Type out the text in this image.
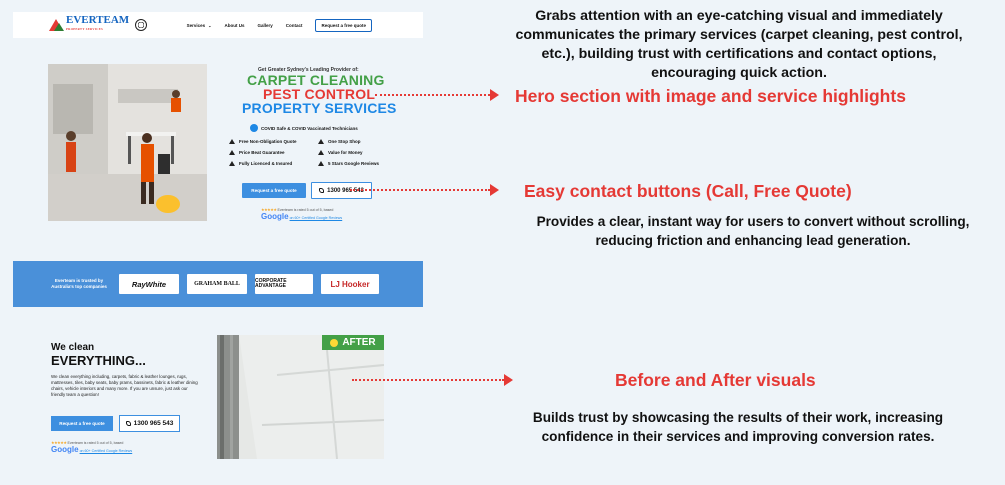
EVERTEAM
PROPERTY SERVICES
Services ⌄	About Us	Gallery	Contact	Request a free quote
Get Greater Sydney's Leading Provider of:
CARPET CLEANING
PEST CONTROL
PROPERTY SERVICES
COVID Safe & COVID Vaccinated Technicians
Free Non-Obligation Quote	One Stop Shop
Price Beat Guarantee	Value for Money
Fully Licenced & Insured	5 Stars Google Reviews
Request a free quote	1300 965 543
★★★★★ Everteam is rated 5 out of 5, based
Google on 60+ Certified Google Reviews
Everteam is trusted by Australia's top companies	RayWhite	GRAHAM BALL	CORPORATE ADVANTAGE	LJ Hooker
We clean
EVERYTHING...
We clean everything including, carpets, fabric & leather lounges, rugs, mattresses, tiles, baby seats, baby prams, bassinets, fabric & leather dining chairs, vehicle interiors and many more. If you are unsure, just ask our friendly team a question!
Request a free quote	1300 965 543
★★★★★ Everteam is rated 5 out of 5, based
Google on 60+ Certified Google Reviews
AFTER
Grabs attention with an eye-catching visual and immediately communicates the primary services (carpet cleaning, pest control, etc.), building trust with certifications and contact options, encouraging quick action.
Hero section with image and service highlights
Easy contact buttons (Call, Free Quote)
Provides a clear, instant way for users to convert without scrolling, reducing friction and enhancing lead generation.
Before and After visuals
Builds trust by showcasing the results of their work, increasing confidence in their services and improving conversion rates.
